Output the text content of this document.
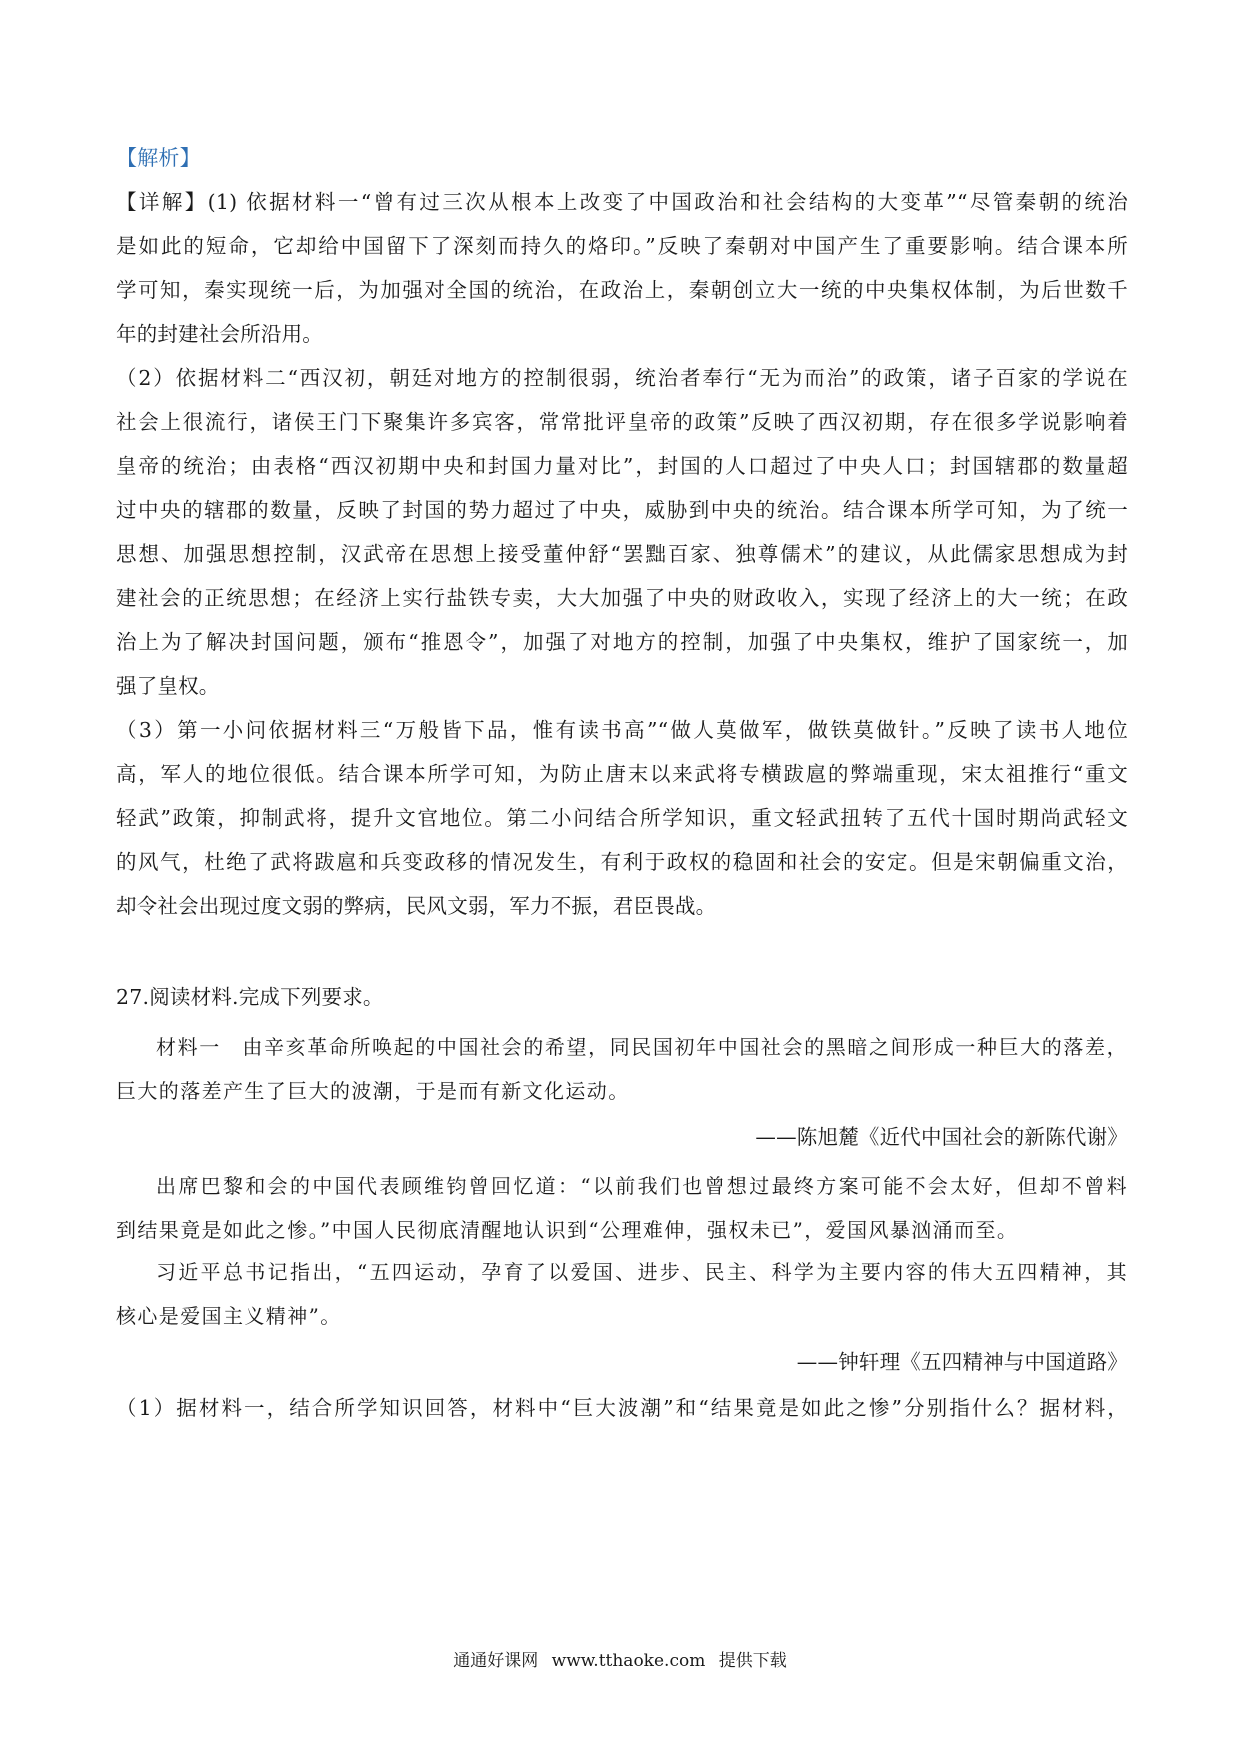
【解析】
【详解】(1) 依据材料一“曾有过三次从根本上改变了中国政治和社会结构的大变革”“尽管秦朝的统治
是如此的短命，它却给中国留下了深刻而持久的烙印。”反映了秦朝对中国产生了重要影响。结合课本所
学可知，秦实现统一后，为加强对全国的统治，在政治上，秦朝创立大一统的中央集权体制，为后世数千
年的封建社会所沿用。
（2）依据材料二“西汉初，朝廷对地方的控制很弱，统治者奉行“无为而治”的政策，诸子百家的学说在
社会上很流行，诸侯王门下聚集许多宾客，常常批评皇帝的政策”反映了西汉初期，存在很多学说影响着
皇帝的统治；由表格“西汉初期中央和封国力量对比”，封国的人口超过了中央人口；封国辖郡的数量超
过中央的辖郡的数量，反映了封国的势力超过了中央，威胁到中央的统治。结合课本所学可知，为了统一
思想、加强思想控制，汉武帝在思想上接受董仲舒“罢黜百家、独尊儒术”的建议，从此儒家思想成为封
建社会的正统思想；在经济上实行盐铁专卖，大大加强了中央的财政收入，实现了经济上的大一统；在政
治上为了解决封国问题，颁布“推恩令”，加强了对地方的控制，加强了中央集权，维护了国家统一，加
强了皇权。
（3）第一小问依据材料三“万般皆下品，惟有读书高”“做人莫做军，做铁莫做针。”反映了读书人地位
高，军人的地位很低。结合课本所学可知，为防止唐末以来武将专横跋扈的弊端重现，宋太祖推行“重文
轻武”政策，抑制武将，提升文官地位。第二小问结合所学知识，重文轻武扭转了五代十国时期尚武轻文
的风气，杜绝了武将跋扈和兵变政移的情况发生，有利于政权的稳固和社会的安定。但是宋朝偏重文治，
却令社会出现过度文弱的弊病，民风文弱，军力不振，君臣畏战。
27.阅读材料.完成下列要求。
材料一　由辛亥革命所唤起的中国社会的希望，同民国初年中国社会的黑暗之间形成一种巨大的落差，
巨大的落差产生了巨大的波潮，于是而有新文化运动。
——陈旭麓《近代中国社会的新陈代谢》
出席巴黎和会的中国代表顾维钧曾回忆道：“以前我们也曾想过最终方案可能不会太好，但却不曾料
到结果竟是如此之惨。”中国人民彻底清醒地认识到“公理难伸，强权未已”，爱国风暴汹涌而至。
习近平总书记指出，“五四运动，孕育了以爱国、进步、民主、科学为主要内容的伟大五四精神，其
核心是爱国主义精神”。
——钟轩理《五四精神与中国道路》
（1）据材料一，结合所学知识回答，材料中“巨大波潮”和“结果竟是如此之惨”分别指什么？据材料，
通通好课网 www.tthaoke.com 提供下载
